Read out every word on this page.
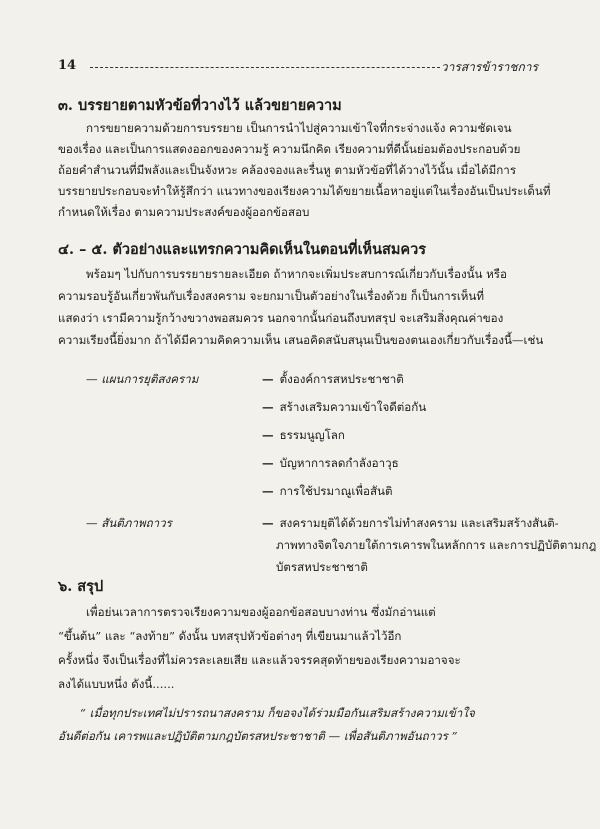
14	วารสารข้าราชการ
๓. บรรยายตามหัวข้อที่วางไว้ แล้วขยายความ
การขยายความด้วยการบรรยาย เป็นการนำไปสู่ความเข้าใจที่กระจ่างแจ้ง ความชัดเจน
ของเรื่อง และเป็นการแสดงออกของความรู้ ความนึกคิด เรียงความที่ดีนั้นย่อมต้องประกอบด้วย
ถ้อยคำสำนวนที่มีพลังและเป็นจังหวะ คล้องจองและรื่นหู ตามหัวข้อที่ได้วางไว้นั้น เมื่อได้มีการ
บรรยายประกอบจะทำให้รู้สึกว่า แนวทางของเรียงความได้ขยายเนื้อหาอยู่แต่ในเรื่องอันเป็นประเด็นที่
กำหนดให้เรื่อง ตามความประสงค์ของผู้ออกข้อสอบ
๔. – ๕. ตัวอย่างและแทรกความคิดเห็นในตอนที่เห็นสมควร
พร้อมๆ ไปกับการบรรยายรายละเอียด ถ้าหากจะเพิ่มประสบการณ์เกี่ยวกับเรื่องนั้น หรือ
ความรอบรู้อันเกี่ยวพันกับเรื่องสงคราม จะยกมาเป็นตัวอย่างในเรื่องด้วย ก็เป็นการเห็นที่
แสดงว่า เรามีความรู้กว้างขวางพอสมควร นอกจากนั้นก่อนถึงบทสรุป จะเสริมสิ่งคุณค่าของ
ความเรียงนี้ยิ่งมาก ถ้าได้มีความคิดความเห็น เสนอคิดสนับสนุนเป็นของตนเองเกี่ยวกับเรื่องนี้—เช่น
— แผนการยุติสงคราม	— ตั้งองค์การสหประชาชาติ
— สร้างเสริมความเข้าใจดีต่อกัน
— ธรรมนูญโลก
— บัญหาการลดกำลังอาวุธ
— การใช้ปรมาณูเพื่อสันติ
— สันติภาพถาวร	— สงครามยุติได้ด้วยการไม่ทำสงคราม และเสริมสร้างสันติ-
ภาพทางจิตใจภายใต้การเคารพในหลักการ และการปฏิบัติตามกฎ
บัตรสหประชาชาติ
๖. สรุป
เพื่อย่นเวลาการตรวจเรียงความของผู้ออกข้อสอบบางท่าน ซึ่งมักอ่านแต่
“ขึ้นต้น” และ “ลงท้าย” ดังนั้น บทสรุปหัวข้อต่างๆ ที่เขียนมาแล้วไว้อีก
ครั้งหนึ่ง จึงเป็นเรื่องที่ไม่ควรละเลยเสีย และแล้วจรรคสุดท้ายของเรียงความอาจจะ
ลงได้แบบหนึ่ง ดังนี้......
“ เมื่อทุกประเทศไม่ปรารถนาสงคราม ก็ขอจงได้ร่วมมือกันเสริมสร้างความเข้าใจ
อันดีต่อกัน เคารพและปฏิบัติตามกฎบัตรสหประชาชาติ — เพื่อสันติภาพอันถาวร ”
